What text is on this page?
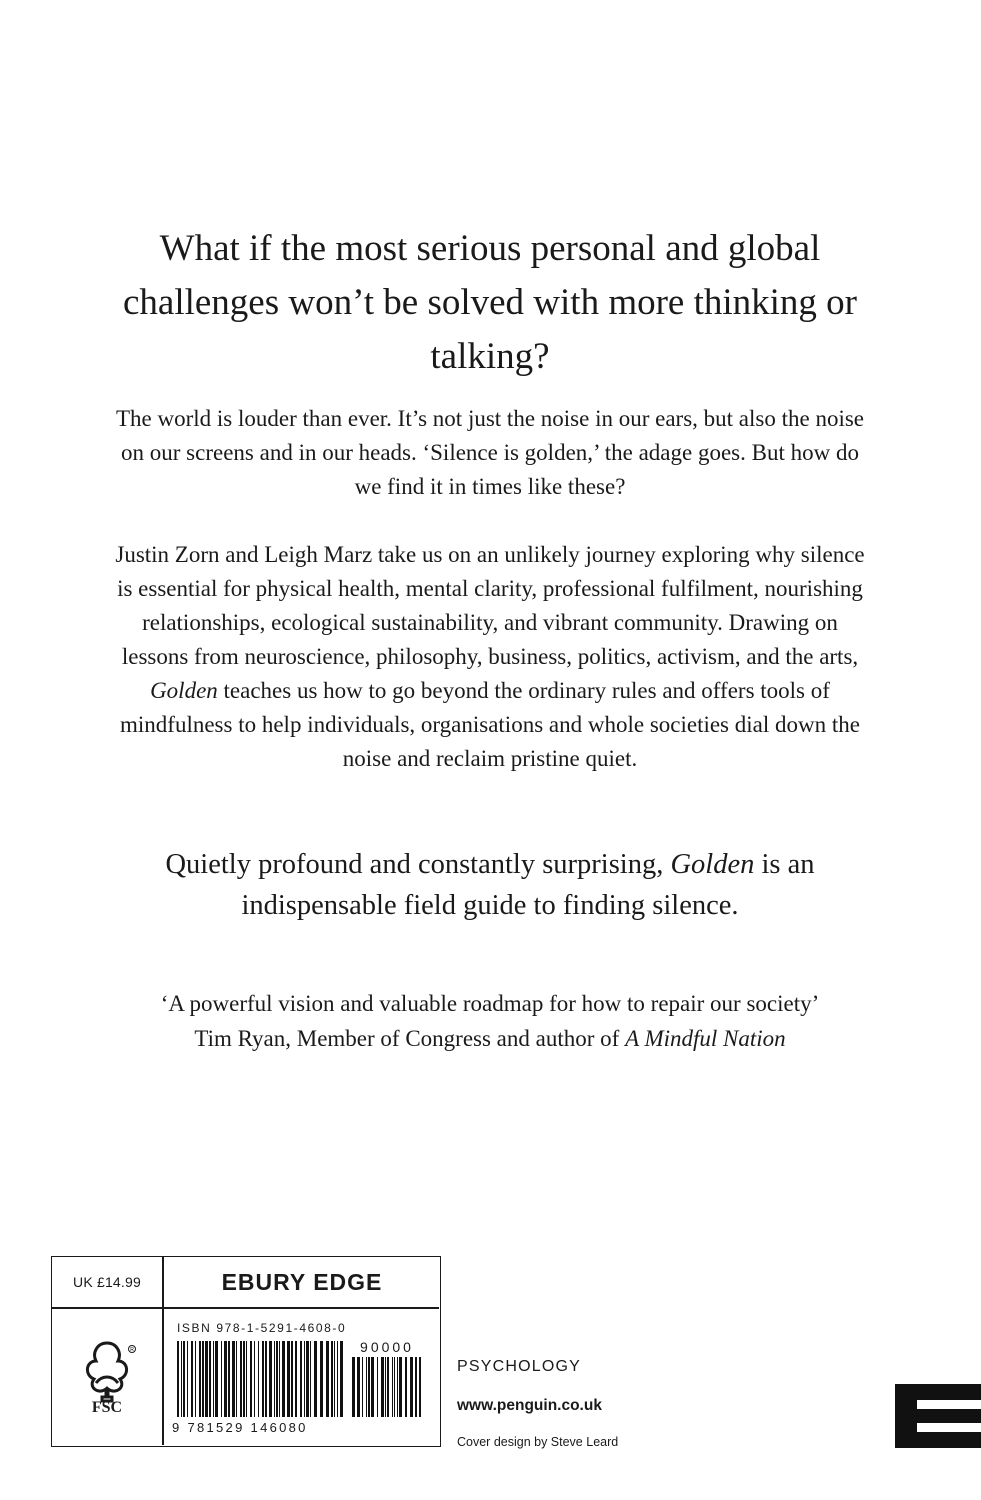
What if the most serious personal and global challenges won’t be solved with more thinking or talking?

The world is louder than ever. It’s not just the noise in our ears, but also the noise on our screens and in our heads. ‘Silence is golden,’ the adage goes. But how do we find it in times like these?

Justin Zorn and Leigh Marz take us on an unlikely journey exploring why silence is essential for physical health, mental clarity, professional fulfilment, nourishing relationships, ecological sustainability, and vibrant community. Drawing on lessons from neuroscience, philosophy, business, politics, activism, and the arts, Golden teaches us how to go beyond the ordinary rules and offers tools of mindfulness to help individuals, organisations and whole societies dial down the noise and reclaim pristine quiet.

Quietly profound and constantly surprising, Golden is an indispensable field guide to finding silence.

‘A powerful vision and valuable roadmap for how to repair our society’
Tim Ryan, Member of Congress and author of A Mindful Nation

UK £14.99	EBURY EDGE
R
FSC
ISBN 978-1-5291-4608-0
90000
9 781529 146080
PSYCHOLOGY
www.penguin.co.uk
Cover design by Steve Leard
